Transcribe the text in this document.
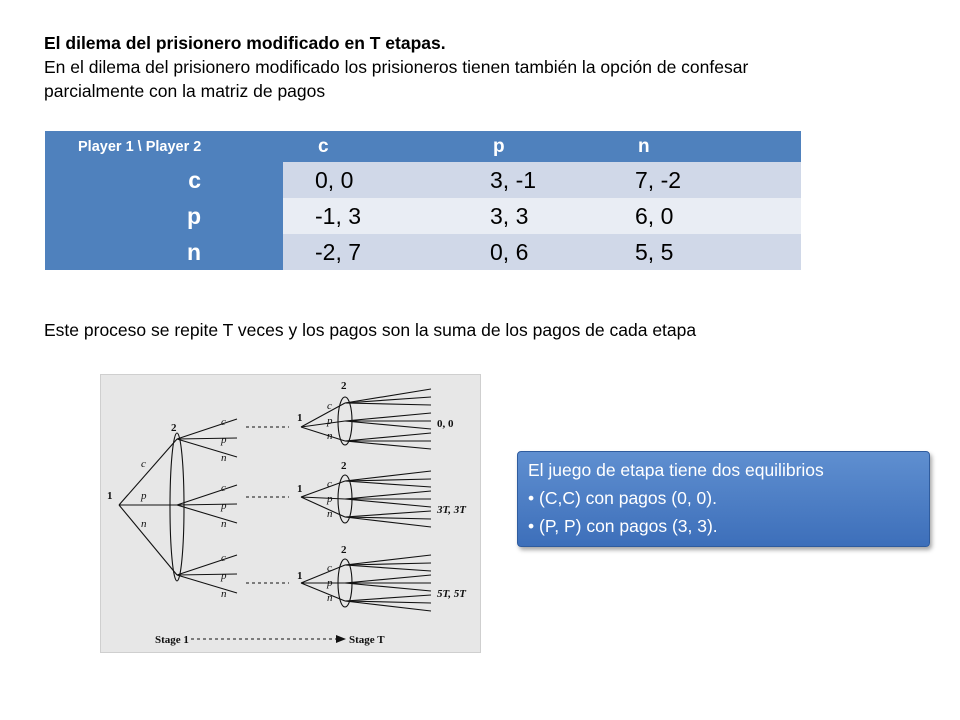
El dilema del prisionero modificado en T etapas.
En el dilema del prisionero modificado los prisioneros tienen también la opción de confesar
parcialmente con la matriz de pagos
Player 1 \ Player 2	c	p	n
c	0, 0	3, -1	7, -2
p	-1, 3	3, 3	6, 0
n	-2, 7	0, 6	5, 5
Este proceso se repite T veces y los pagos son la suma de los pagos de cada etapa
1
2
c
p
n
c
p
n
c
p
n
c
p
n
1
1
1
2
2
2
c
p
n
c
p
n
c
p
n
0, 0
3T, 3T
5T, 5T
Stage 1	Stage T
El juego de etapa tiene dos equilibrios
• (C,C) con pagos (0, 0).
• (P, P) con pagos (3, 3).
